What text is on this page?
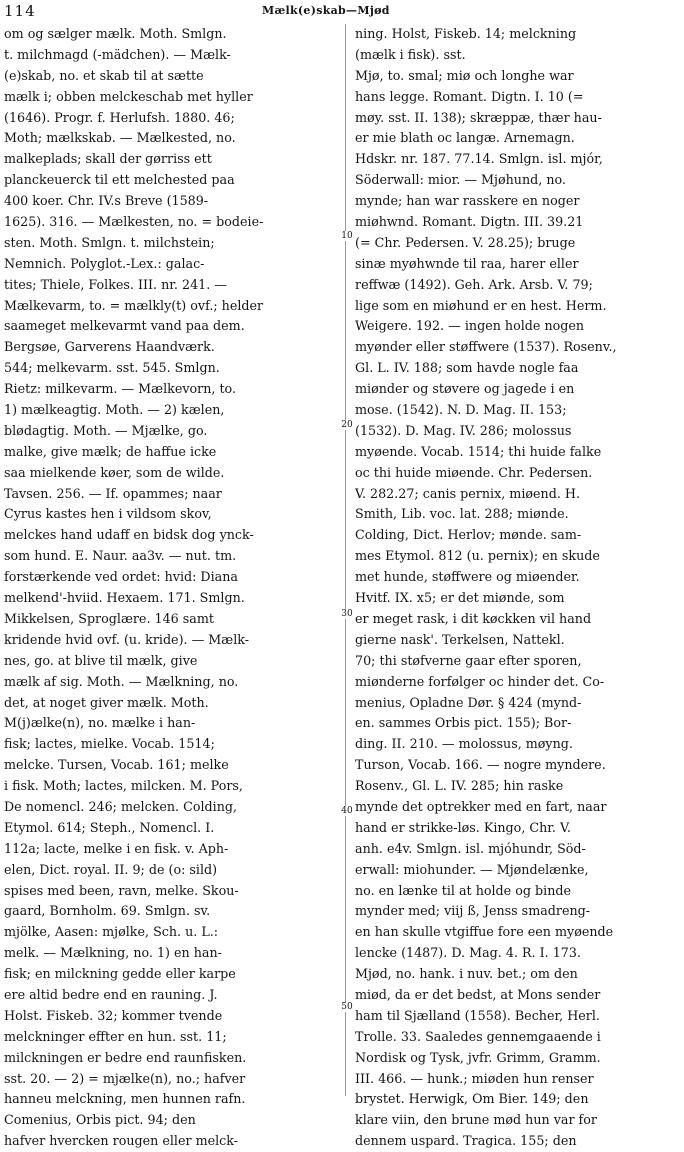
114	Mælk(e)skab—Mjød
10
20
30
40
50
om og sælger mælk. Moth. Smlgn.
t. milchmagd (-mädchen). — Mælk-
(e)skab, no. et skab til at sætte
mælk i; obben melckeschab met hyller
(1646). Progr. f. Herlufsh. 1880. 46;
Moth; mælkskab. — Mælkested, no.
malkeplads; skall der gørriss ett
planckeuerck til ett melchested paa
400 koer. Chr. IV.s Breve (1589-
1625). 316. — Mælkesten, no. = bodeie-
sten. Moth. Smlgn. t. milchstein;
Nemnich. Polyglot.-Lex.: galac-
tites; Thiele, Folkes. III. nr. 241. —
Mælkevarm, to. = mælkly(t) ovf.; helder
saameget melkevarmt vand paa dem.
Bergsøe, Garverens Haandværk.
544; melkevarm. sst. 545. Smlgn.
Rietz: milkevarm. — Mælkevorn, to.
1) mælkeagtig. Moth. — 2) kælen,
blødagtig. Moth. — Mjælke, go.
malke, give mælk; de haffue icke
saa mielkende køer, som de wilde.
Tavsen. 256. — If. opammes; naar
Cyrus kastes hen i vildsom skov,
melckes hand udaff en bidsk dog ynck-
som hund. E. Naur. aa3v. — nut. tm.
forstærkende ved ordet: hvid: Diana
melkend'-hviid. Hexaem. 171. Smlgn.
Mikkelsen, Sproglære. 146 samt
kridende hvid ovf. (u. kride). — Mælk-
nes, go. at blive til mælk, give
mælk af sig. Moth. — Mælkning, no.
det, at noget giver mælk. Moth.
M(j)ælke(n), no. mælke i han-
fisk; lactes, mielke. Vocab. 1514;
melcke. Tursen, Vocab. 161; melke
i fisk. Moth; lactes, milcken. M. Pors,
De nomencl. 246; melcken. Colding,
Etymol. 614; Steph., Nomencl. I.
112a; lacte, melke i en fisk. v. Aph-
elen, Dict. royal. II. 9; de (o: sild)
spises med been, ravn, melke. Skou-
gaard, Bornholm. 69. Smlgn. sv.
mjölke, Aasen: mjølke, Sch. u. L.:
melk. — Mælkning, no. 1) en han-
fisk; en milckning gedde eller karpe
ere altid bedre end en rauning. J.
Holst. Fiskeb. 32; kommer tvende
melckninger effter en hun. sst. 11;
milckningen er bedre end raunfisken.
sst. 20. — 2) = mjælke(n), no.; hafver
hanneu melckning, men hunnen rafn.
Comenius, Orbis pict. 94; den
hafver hvercken rougen eller melck-
ning. Holst, Fiskeb. 14; melckning
(mælk i fisk). sst.
Mjø, to. smal; miø och longhe war
hans legge. Romant. Digtn. I. 10 (=
møy. sst. II. 138); skræppæ, thær hau-
er mie blath oc langæ. Arnemagn.
Hdskr. nr. 187. 77.14. Smlgn. isl. mjór,
Söderwall: mior. — Mjøhund, no.
mynde; han war rasskere en noger
miøhwnd. Romant. Digtn. III. 39.21
(= Chr. Pedersen. V. 28.25); bruge
sinæ myøhwnde til raa, harer eller
reffwæ (1492). Geh. Ark. Arsb. V. 79;
lige som en miøhund er en hest. Herm.
Weigere. 192. — ingen holde nogen
myønder eller støffwere (1537). Rosenv.,
Gl. L. IV. 188; som havde nogle faa
miønder og støvere og jagede i en
mose. (1542). N. D. Mag. II. 153;
(1532). D. Mag. IV. 286; molossus
myøende. Vocab. 1514; thi huide falke
oc thi huide miøende. Chr. Pedersen.
V. 282.27; canis pernix, miøend. H.
Smith, Lib. voc. lat. 288; miønde.
Colding, Dict. Herlov; mønde. sam-
mes Etymol. 812 (u. pernix); en skude
met hunde, støffwere og miøender.
Hvitf. IX. x5; er det miønde, som
er meget rask, i dit køckken vil hand
gierne nask'. Terkelsen, Nattekl.
70; thi støfverne gaar efter sporen,
miønderne forfølger oc hinder det. Co-
menius, Opladne Dør. § 424 (mynd-
en. sammes Orbis pict. 155); Bor-
ding. II. 210. — molossus, møyng.
Turson, Vocab. 166. — nogre myndere.
Rosenv., Gl. L. IV. 285; hin raske
mynde det optrekker med en fart, naar
hand er strikke-løs. Kingo, Chr. V.
anh. e4v. Smlgn. isl. mjóhundr, Söd-
erwall: miohunder. — Mjøndelænke,
no. en lænke til at holde og binde
mynder med; viij ß, Jenss smadreng-
en han skulle vtgiffue fore een myøende
lencke (1487). D. Mag. 4. R. I. 173.
Mjød, no. hank. i nuv. bet.; om den
miød, da er det bedst, at Mons sender
ham til Sjælland (1558). Becher, Herl.
Trolle. 33. Saaledes gennemgaaende i
Nordisk og Tysk, jvfr. Grimm, Gramm.
III. 466. — hunk.; miøden hun renser
brystet. Herwigk, Om Bier. 149; den
klare viin, den brune mød hun var for
dennem uspard. Tragica. 155; den
